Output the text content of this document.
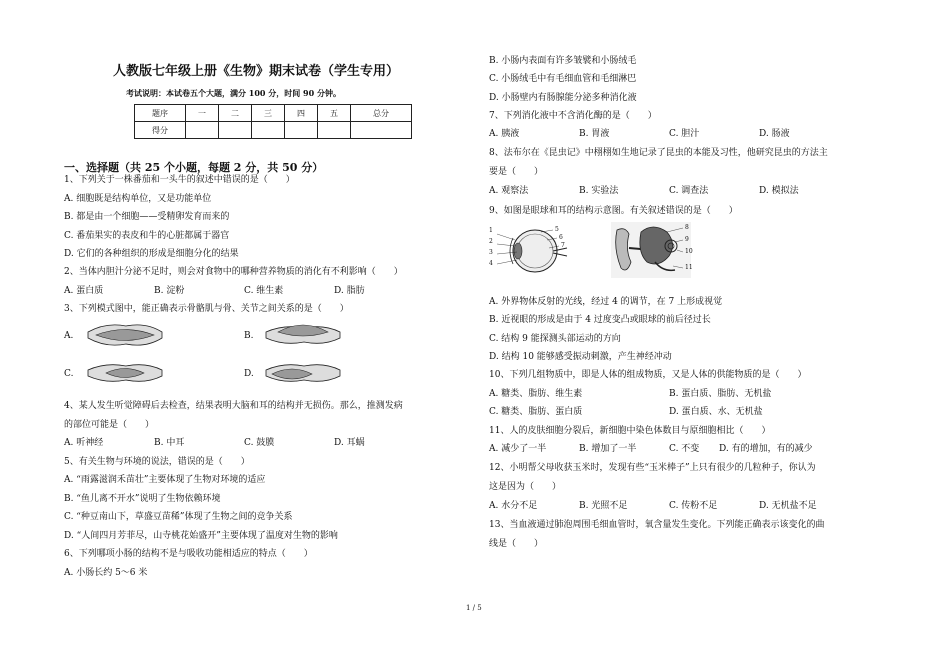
人教版七年级上册《生物》期末试卷（学生专用）
考试说明：本试卷五个大题，满分 100 分，时间 90 分钟。
题序	一	二	三	四	五	总分
得分						
一、选择题（共 25 个小题，每题 2 分，共 50 分）
1、下列关于一株番茄和一头牛的叙述中错误的是（　　）
A. 细胞既是结构单位，又是功能单位
B. 都是由一个细胞——受精卵发育而来的
C. 番茄果实的表皮和牛的心脏都属于器官
D. 它们的各种组织的形成是细胞分化的结果
2、当体内胆汁分泌不足时，则会对食物中的哪种营养物质的消化有不利影响（　　）
A. 蛋白质	B. 淀粉	C. 维生素	D. 脂肪
3、下列模式图中，能正确表示骨骼肌与骨、关节之间关系的是（　　）
A.	B.
C.	D.
4、某人发生听觉障碍后去检查，结果表明大脑和耳的结构并无损伤。那么，推测发病
的部位可能是（　　）
A. 听神经	B. 中耳	C. 鼓膜	D. 耳蜗
5、有关生物与环境的说法，错误的是（　　）
A. “雨露滋润禾苗壮”主要体现了生物对环境的适应
B. “鱼儿离不开水”说明了生物依赖环境
C. “种豆南山下，草盛豆苗稀”体现了生物之间的竞争关系
D. “人间四月芳菲尽，山寺桃花始盛开”主要体现了温度对生物的影响
6、下列哪项小肠的结构不是与吸收功能相适应的特点（　　）
A. 小肠长约 5～6 米
B. 小肠内表面有许多皱襞和小肠绒毛
C. 小肠绒毛中有毛细血管和毛细淋巴
D. 小肠壁内有肠腺能分泌多种消化液
7、下列消化液中不含消化酶的是（　　）
A. 胰液	B. 胃液	C. 胆汁	D. 肠液
8、法布尔在《昆虫记》中栩栩如生地记录了昆虫的本能及习性，他研究昆虫的方法主
要是（　　）
A. 观察法	B. 实验法	C. 调查法	D. 模拟法
9、如图是眼球和耳的结构示意图。有关叙述错误的是（　　）
1
2
3
4
5
6
7
8
9
10
11
A. 外界物体反射的光线，经过 4 的调节，在 7 上形成视觉
B. 近视眼的形成是由于 4 过度变凸或眼球的前后径过长
C. 结构 9 能探测头部运动的方向
D. 结构 10 能够感受振动刺激，产生神经冲动
10、下列几组物质中，即是人体的组成物质，又是人体的供能物质的是（　　）
A. 糖类、脂肪、维生素	B. 蛋白质、脂肪、无机盐
C. 糖类、脂肪、蛋白质	D. 蛋白质、水、无机盐
11、人的皮肤细胞分裂后，新细胞中染色体数目与原细胞相比（　　）
A. 减少了一半	B. 增加了一半	C. 不变 D. 有的增加，有的减少
12、小明帮父母收获玉米时，发现有些“玉米棒子”上只有很少的几粒种子，你认为
这是因为（　　）
A. 水分不足	B. 光照不足	C. 传粉不足	D. 无机盐不足
13、当血液通过肺泡周围毛细血管时，氧含量发生变化。下列能正确表示该变化的曲
线是（　　）
1 / 5
